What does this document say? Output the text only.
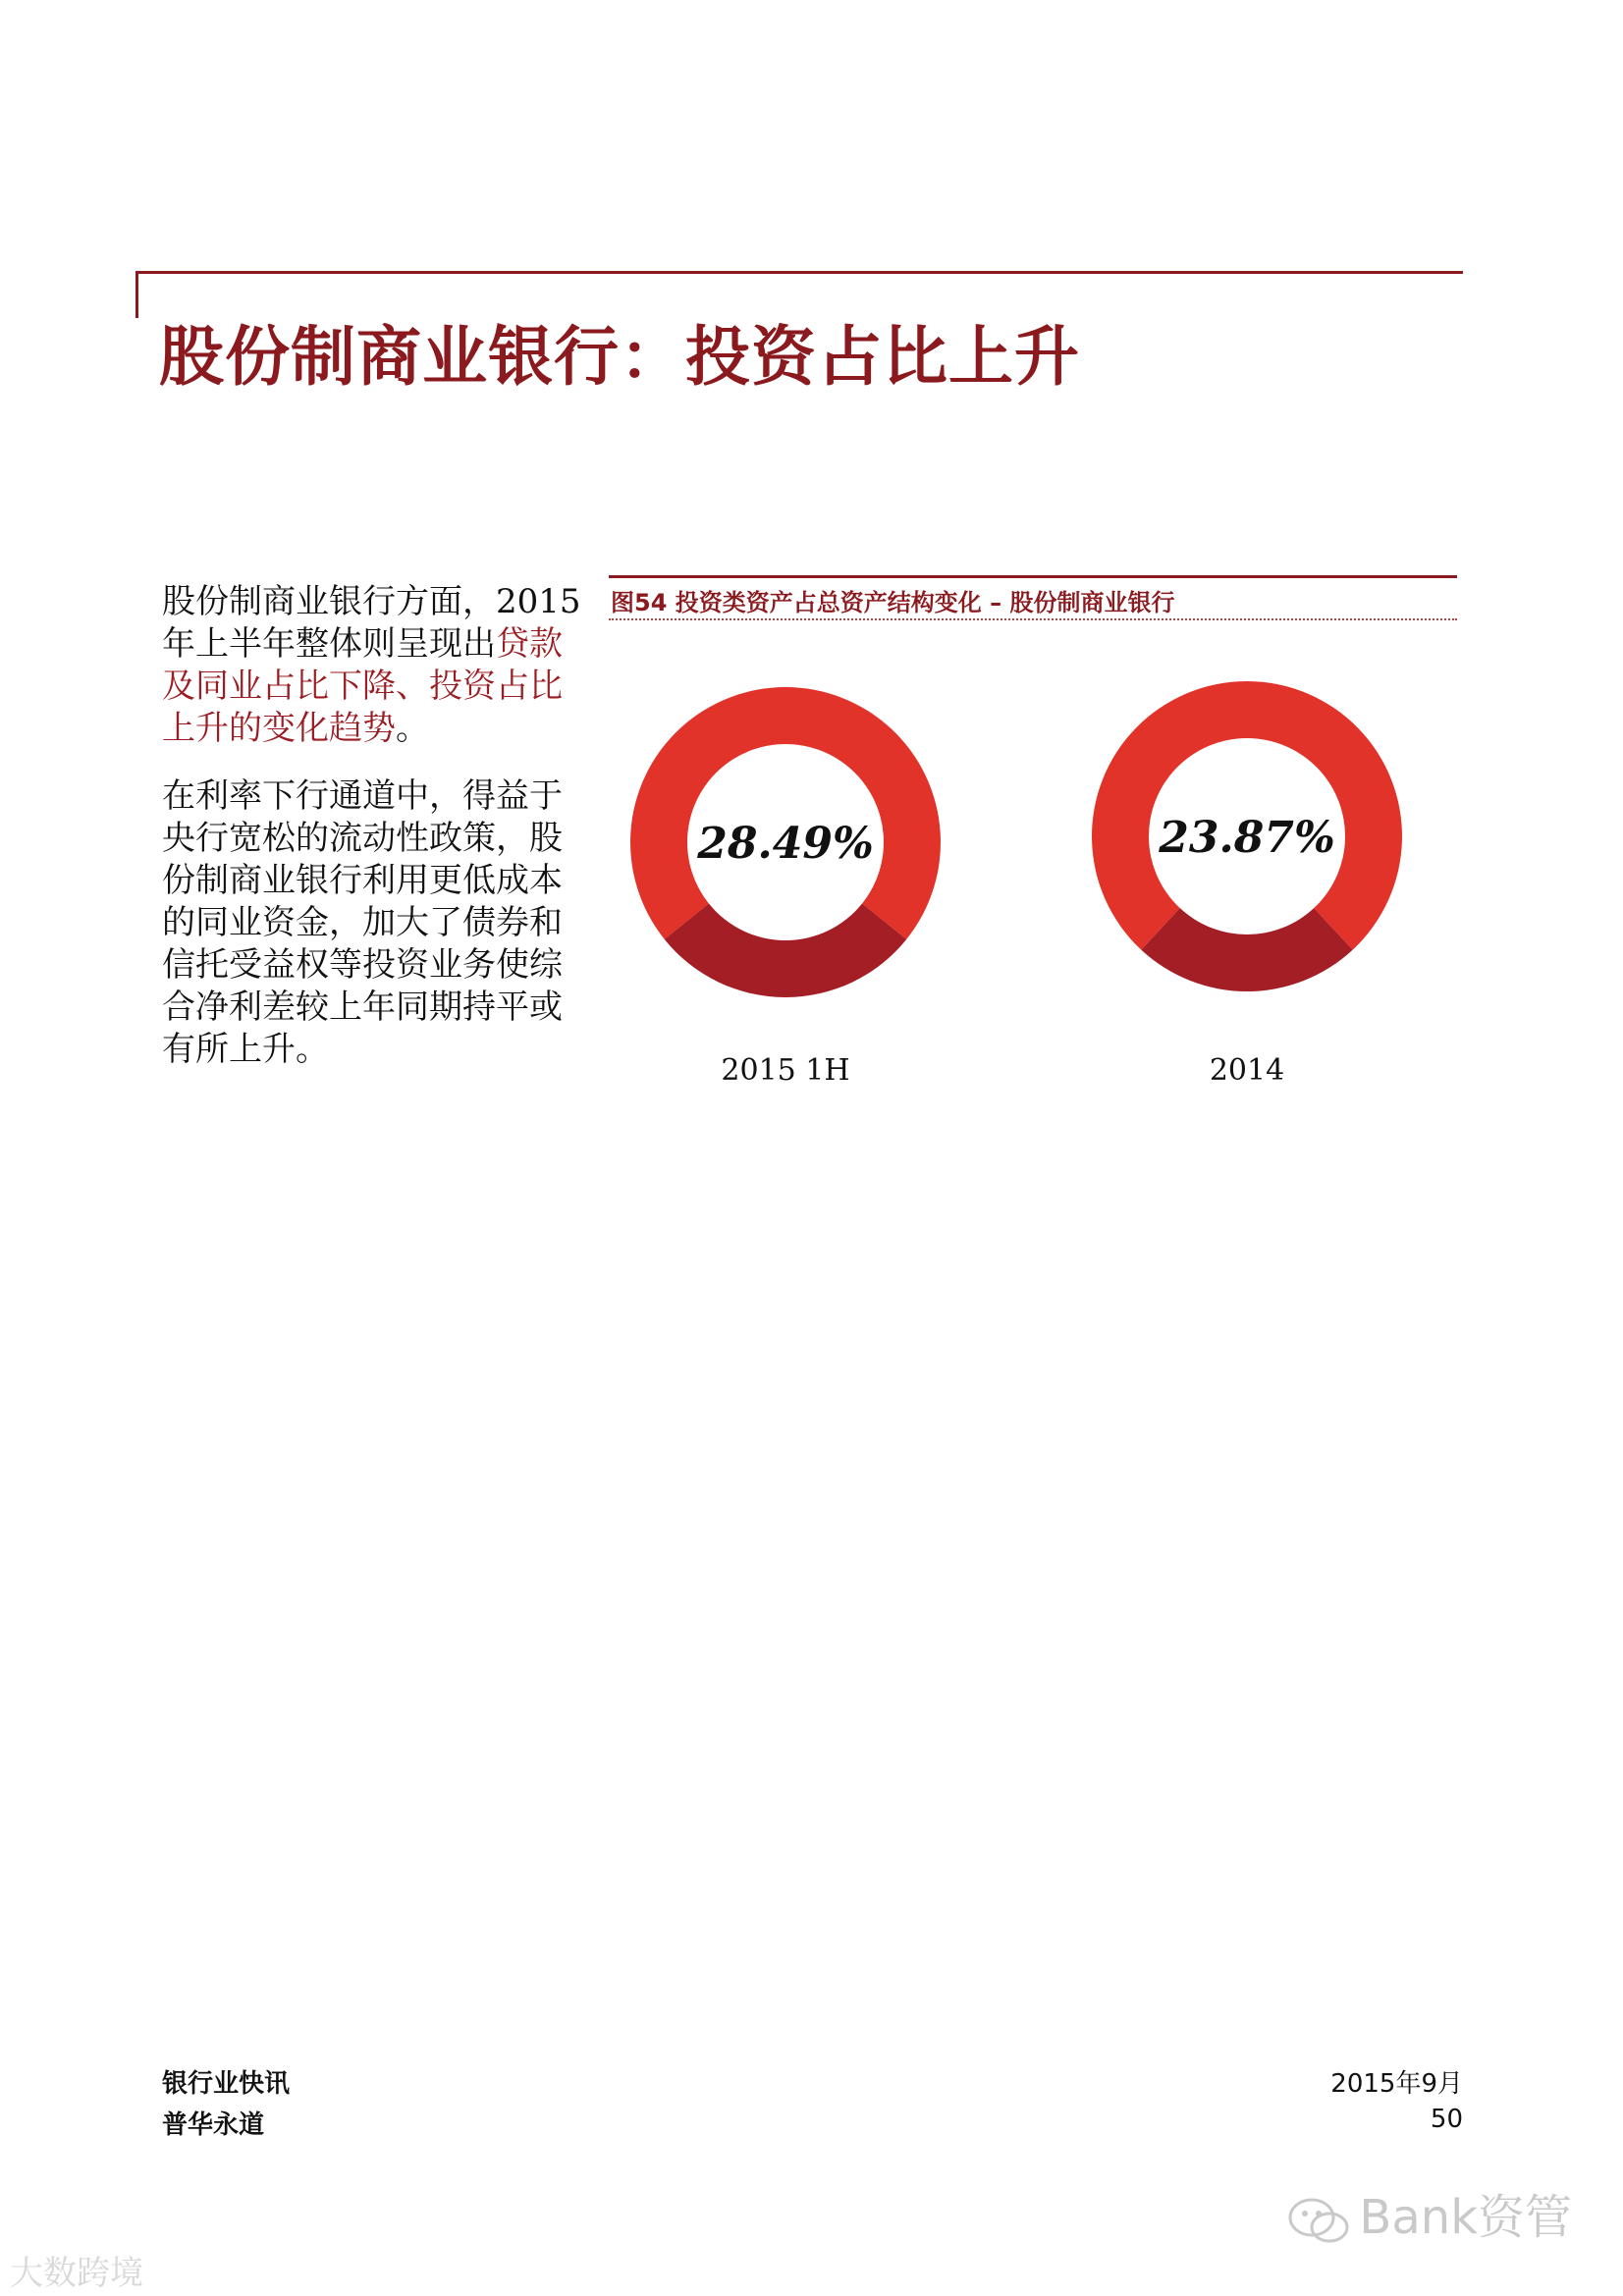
股份制商业银行：投资占比上升
股份制商业银行方面，2015年上半年整体则呈现出贷款及同业占比下降、投资占比上升的变化趋势。
在利率下行通道中，得益于央行宽松的流动性政策，股份制商业银行利用更低成本的同业资金，加大了债券和信托受益权等投资业务使综合净利差较上年同期持平或有所上升。
图54 投资类资产占总资产结构变化 – 股份制商业银行
28.49%
2015 1H
23.87%
2014
银行业快讯
普华永道
2015年9月
50
Bank资管
大数跨境
